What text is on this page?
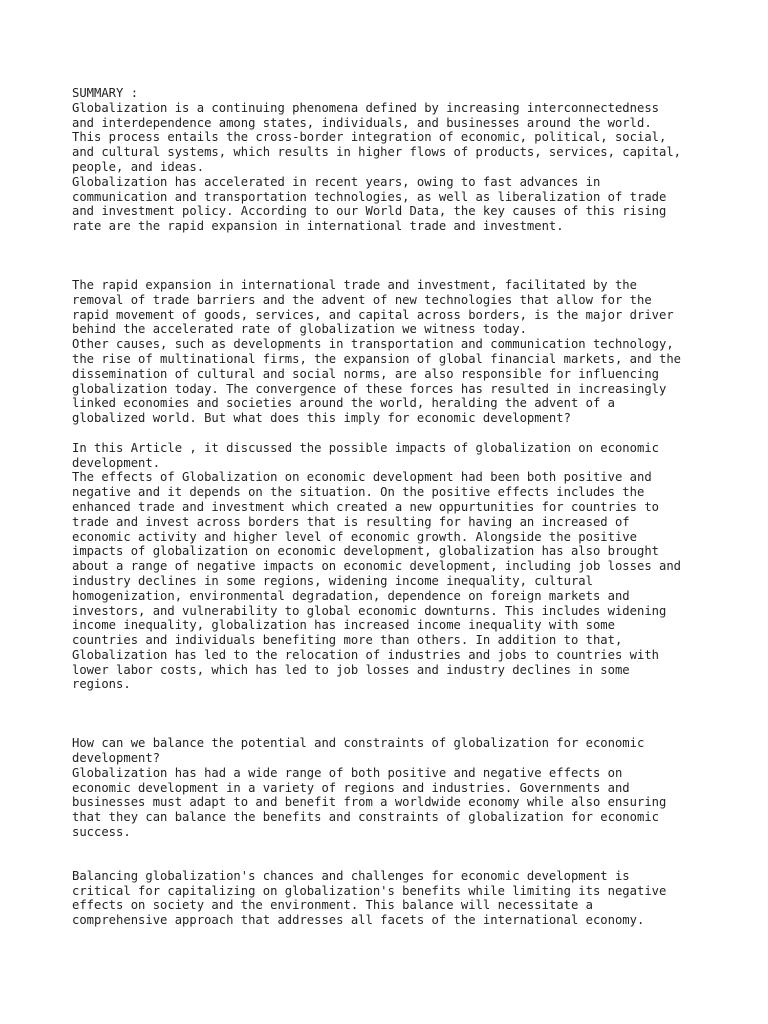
SUMMARY :
Globalization is a continuing phenomena defined by increasing interconnectedness
and interdependence among states, individuals, and businesses around the world.
This process entails the cross-border integration of economic, political, social,
and cultural systems, which results in higher flows of products, services, capital,
people, and ideas.
Globalization has accelerated in recent years, owing to fast advances in
communication and transportation technologies, as well as liberalization of trade
and investment policy. According to our World Data, the key causes of this rising
rate are the rapid expansion in international trade and investment.
The rapid expansion in international trade and investment, facilitated by the
removal of trade barriers and the advent of new technologies that allow for the
rapid movement of goods, services, and capital across borders, is the major driver
behind the accelerated rate of globalization we witness today.
Other causes, such as developments in transportation and communication technology,
the rise of multinational firms, the expansion of global financial markets, and the
dissemination of cultural and social norms, are also responsible for influencing
globalization today. The convergence of these forces has resulted in increasingly
linked economies and societies around the world, heralding the advent of a
globalized world. But what does this imply for economic development?
In this Article , it discussed the possible impacts of globalization on economic
development.
The effects of Globalization on economic development had been both positive and
negative and it depends on the situation. On the positive effects includes the
enhanced trade and investment which created a new oppurtunities for countries to
trade and invest across borders that is resulting for having an increased of
economic activity and higher level of economic growth. Alongside the positive
impacts of globalization on economic development, globalization has also brought
about a range of negative impacts on economic development, including job losses and
industry declines in some regions, widening income inequality, cultural
homogenization, environmental degradation, dependence on foreign markets and
investors, and vulnerability to global economic downturns. This includes widening
income inequality, globalization has increased income inequality with some
countries and individuals benefiting more than others. In addition to that,
Globalization has led to the relocation of industries and jobs to countries with
lower labor costs, which has led to job losses and industry declines in some
regions.
How can we balance the potential and constraints of globalization for economic
development?
Globalization has had a wide range of both positive and negative effects on
economic development in a variety of regions and industries. Governments and
businesses must adapt to and benefit from a worldwide economy while also ensuring
that they can balance the benefits and constraints of globalization for economic
success.
Balancing globalization's chances and challenges for economic development is
critical for capitalizing on globalization's benefits while limiting its negative
effects on society and the environment. This balance will necessitate a
comprehensive approach that addresses all facets of the international economy.
